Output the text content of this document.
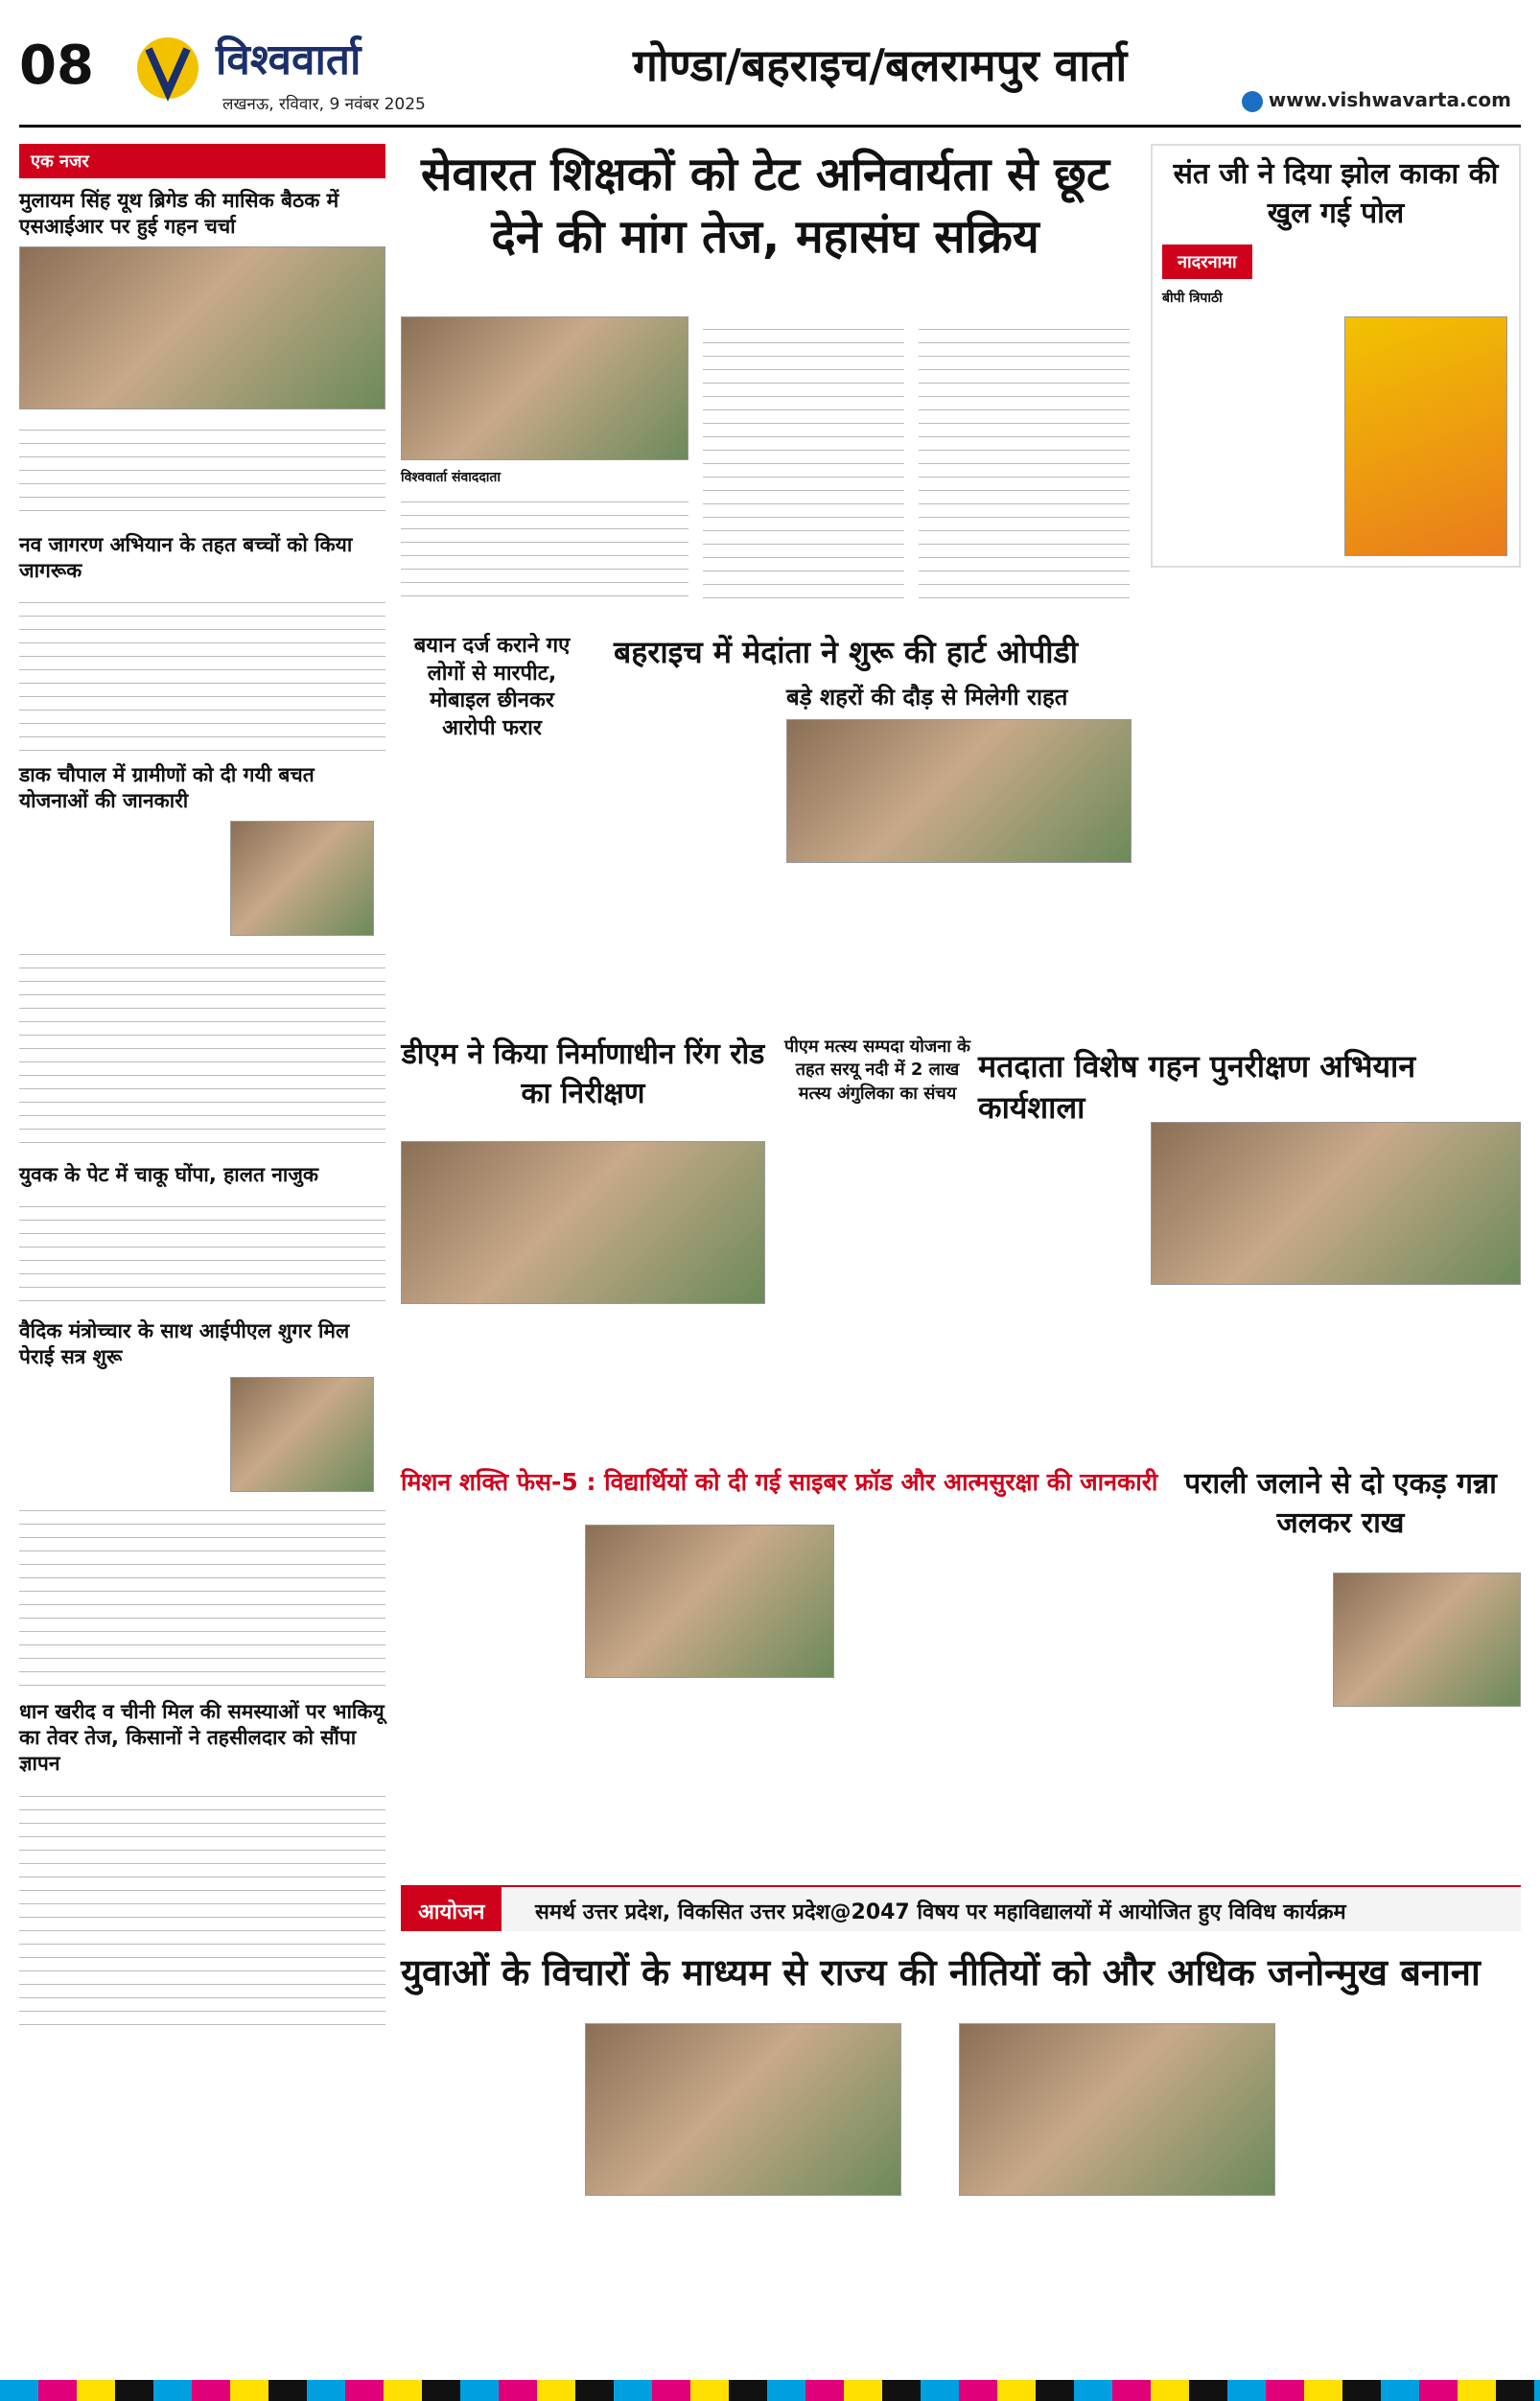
08	विश्ववार्ता
लखनऊ, रविवार, 9 नवंबर 2025
गोण्डा/बहराइच/बलरामपुर वार्ता
www.vishwavarta.com
एक नजर
मुलायम सिंह यूथ ब्रिगेड की मासिक बैठक में एसआईआर पर हुई गहन चर्चा
नव जागरण अभियान के तहत बच्चों को किया जागरूक
डाक चौपाल में ग्रामीणों को दी गयी बचत योजनाओं की जानकारी
युवक के पेट में चाकू घोंपा, हालत नाजुक
वैदिक मंत्रोच्चार के साथ आईपीएल शुगर मिल पेराई सत्र शुरू
धान खरीद व चीनी मिल की समस्याओं पर भाकियू का तेवर तेज, किसानों ने तहसीलदार को सौंपा ज्ञापन
सेवारत शिक्षकों को टेट अनिवार्यता से छूट देने की मांग तेज, महासंघ सक्रिय
विश्ववार्ता संवाददाता
बयान दर्ज कराने गए लोगों से मारपीट, मोबाइल छीनकर आरोपी फरार
बहराइच में मेदांता ने शुरू की हार्ट ओपीडी
बड़े शहरों की दौड़ से मिलेगी राहत
डीएम ने किया निर्माणाधीन रिंग रोड का निरीक्षण
पीएम मत्स्य सम्पदा योजना के तहत सरयू नदी में 2 लाख मत्स्य अंगुलिका का संचय
मतदाता विशेष गहन पुनरीक्षण अभियान कार्यशाला
मिशन शक्ति फेस-5 : विद्यार्थियों को दी गई साइबर फ्रॉड और आत्मसुरक्षा की जानकारी पराली जलाने से दो एकड़ गन्ना जलकर राख
आयोजन	समर्थ उत्तर प्रदेश, विकसित उत्तर प्रदेश@2047 विषय पर महाविद्यालयों में आयोजित हुए विविध कार्यक्रम
युवाओं के विचारों के माध्यम से राज्य की नीतियों को और अधिक जनोन्मुख बनाना
संत जी ने दिया झोल काका की खुल गई पोल
नादरनामा
बीपी त्रिपाठी
